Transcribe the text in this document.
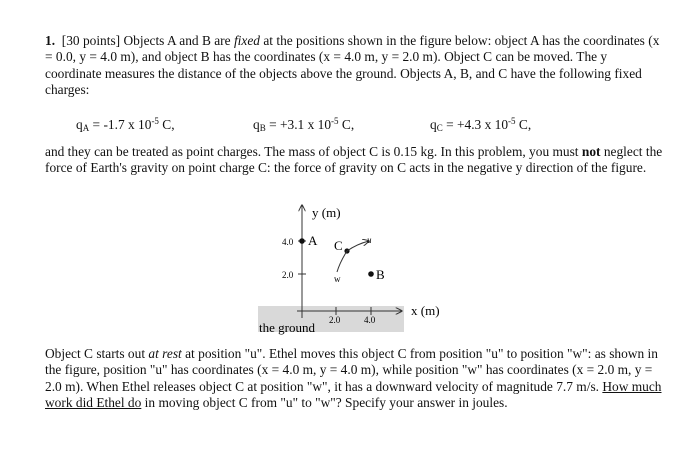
1. [30 points] Objects A and B are fixed at the positions shown in the figure below: object A has the coordinates (x = 0.0, y = 4.0 m), and object B has the coordinates (x = 4.0 m, y = 2.0 m). Object C can be moved. The y coordinate measures the distance of the objects above the ground. Objects A, B, and C have the following fixed charges:
$q_A = -1.7$ x $10^{-5}$ C,	$q_B = +3.1$ x $10^{-5}$ C,	$q_C = +4.3$ x $10^{-5}$ C,
and they can be treated as point charges. The mass of object C is 0.15 kg. In this problem, you must not neglect the force of Earth's gravity on point charge C: the force of gravity on C acts in the negative y direction of the figure.
y (m)
x (m)
4.0
2.0
2.0	4.0
A
B
C	u
w
the ground
Object C starts out at rest at position "u". Ethel moves this object C from position "u" to position "w": as shown in the figure, position "u" has coordinates (x = 4.0 m, y = 4.0 m), while position "w" has coordinates (x = 2.0 m, y = 2.0 m). When Ethel releases object C at position "w", it has a downward velocity of magnitude 7.7 m/s. How much work did Ethel do in moving object C from "u" to "w"? Specify your answer in joules.
